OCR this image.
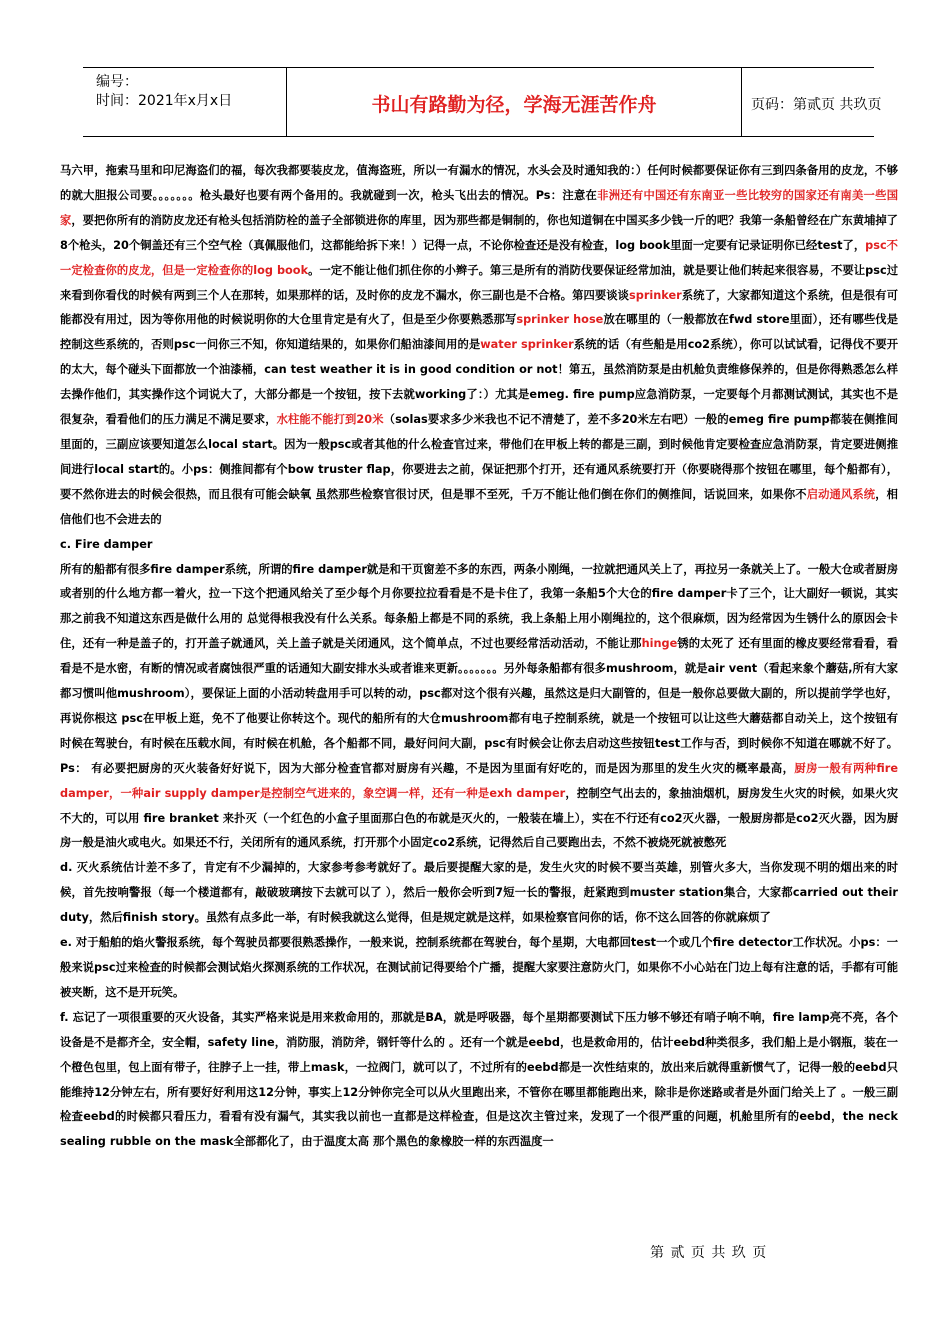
编号：
时间：2021年x月x日	书山有路勤为径，学海无涯苦作舟	页码：第贰页 共玖页

马六甲，拖索马里和印尼海盗们的福，每次我都要装皮龙，值海盗班，所以一有漏水的情况，水头会及时通知我的：）任何时候都要保证你有三到四条备用的皮龙，不够的就大胆报公司要。。。。。。。枪头最好也要有两个备用的。我就碰到一次，枪头飞出去的情况。Ps：注意在非洲还有中国还有东南亚一些比较穷的国家还有南美一些国家，要把你所有的消防皮龙还有枪头包括消防栓的盖子全部锁进你的库里，因为那些都是铜制的，你也知道铜在中国买多少钱一斤的吧？我第一条船曾经在广东黄埔掉了8个枪头，20个铜盖还有三个空气栓（真佩服他们，这都能给拆下来！）记得一点，不论你检查还是没有检查，log book里面一定要有记录证明你已经test了，psc不一定检查你的皮龙，但是一定检查你的log book。一定不能让他们抓住你的小辫子。第三是所有的消防伐要保证经常加油，就是要让他们转起来很容易，不要让psc过来看到你看伐的时候有两到三个人在那转，如果那样的话，及时你的皮龙不漏水，你三副也是不合格。第四要谈谈sprinker系统了，大家都知道这个系统，但是很有可能都没有用过，因为等你用他的时候说明你的大仓里肯定是有火了，但是至少你要熟悉那写sprinker hose放在哪里的（一般都放在fwd store里面），还有哪些伐是控制这些系统的，否则psc一问你三不知，你知道结果的，如果你们船油漆间用的是water sprinker系统的话（有些船是用co2系统），你可以试试看，记得伐不要开的太大，每个碰头下面都放一个油漆桶，can test weather it is in good condition or not！第五，虽然消防泵是由机舱负责维修保养的，但是你得熟悉怎么样去操作他们，其实操作这个词说大了，大部分都是一个按钮，按下去就working了：）尤其是emeg. fire pump应急消防泵，一定要每个月都测试测试，其实也不是很复杂，看看他们的压力满足不满足要求，水柱能不能打到20米（solas要求多少米我也不记不清楚了，差不多20米左右吧）一般的emeg fire pump都装在侧推间里面的，三副应该要知道怎么local start。因为一般psc或者其他的什么检查官过来，带他们在甲板上转的都是三副，到时候他肯定要检查应急消防泵，肯定要进侧推间进行local start的。小ps：侧推间都有个bow truster flap，你要进去之前，保证把那个打开，还有通风系统要打开（你要晓得那个按钮在哪里，每个船都有），要不然你进去的时候会很热，而且很有可能会缺氧 虽然那些检察官很讨厌，但是罪不至死，千万不能让他们倒在你们的侧推间，话说回来，如果你不启动通风系统，相信他们也不会进去的

c. Fire damper

所有的船都有很多fire damper系统，所谓的fire damper就是和干页窗差不多的东西，两条小刚绳，一拉就把通风关上了，再拉另一条就关上了。一般大仓或者厨房或者别的什么地方都一着火，拉一下这个把通风给关了至少每个月你要拉拉看看是不是卡住了，我第一条船5个大仓的fire damper卡了三个，让大副好一顿说，其实那之前我不知道这东西是做什么用的 总觉得根我没有什么关系。每条船上都是不同的系统，我上条船上用小刚绳拉的，这个很麻烦，因为经常因为生锈什么的原因会卡住，还有一种是盖子的，打开盖子就通风，关上盖子就是关闭通风，这个简单点，不过也要经常活动活动，不能让那hinge锈的太死了 还有里面的橡皮要经常看看，看看是不是水密，有断的情况或者腐蚀很严重的话通知大副安排水头或者谁来更新。。。。。。。另外每条船都有很多mushroom，就是air vent（看起来象个蘑菇,所有大家都习惯叫他mushroom），要保证上面的小活动转盘用手可以转的动，psc都对这个很有兴趣，虽然这是归大副管的，但是一般你总要做大副的，所以提前学学也好，再说你根这 psc在甲板上逛，免不了他要让你转这个。现代的船所有的大仓mushroom都有电子控制系统，就是一个按钮可以让这些大蘑菇都自动关上，这个按钮有时候在驾驶台，有时候在压载水间，有时候在机舱，各个船都不同，最好问问大副，psc有时候会让你去启动这些按钮test工作与否，到时候你不知道在哪就不好了。Ps： 有必要把厨房的灭火装备好好说下，因为大部分检查官都对厨房有兴趣，不是因为里面有好吃的，而是因为那里的发生火灾的概率最高，厨房一般有两种fire damper，一种air supply damper是控制空气进来的，象空调一样，还有一种是exh damper，控制空气出去的，象抽油烟机，厨房发生火灾的时候，如果火灾不大的，可以用 fire branket 来扑灭（一个红色的小盒子里面那白色的布就是灭火的，一般装在墙上），实在不行还有co2灭火器，一般厨房都是co2灭火器，因为厨房一般是油火或电火。如果还不行，关闭所有的通风系统，打开那个小固定co2系统，记得然后自己要跑出去，不然不被烧死就被憋死

d. 灭火系统估计差不多了，肯定有不少漏掉的，大家参考参考就好了。最后要提醒大家的是，发生火灾的时候不要当英雄，别管火多大，当你发现不明的烟出来的时候，首先按响警报（每一个楼道都有，敲破玻璃按下去就可以了 ），然后一般你会听到7短一长的警报，赶紧跑到muster station集合，大家都carried out their duty，然后finish story。虽然有点多此一举，有时候我就这么觉得，但是规定就是这样，如果检察官问你的话，你不这么回答的你就麻烦了

e. 对于船舶的焰火警报系统，每个驾驶员都要很熟悉操作，一般来说，控制系统都在驾驶台，每个星期，大电都回test一个或几个fire detector工作状况。小ps：一般来说psc过来检查的时候都会测试焰火探测系统的工作状况，在测试前记得要给个广播，提醒大家要注意防火门，如果你不小心站在门边上每有注意的话，手都有可能被夹断，这不是开玩笑。

f. 忘记了一项很重要的灭火设备，其实严格来说是用来救命用的，那就是BA，就是呼吸器，每个星期都要测试下压力够不够还有哨子响不响，fire lamp亮不亮，各个设备是不是都齐全，安全帽，safety line，消防服，消防斧，钢钎等什么的 。还有一个就是eebd，也是救命用的，估计eebd种类很多，我们船上是小钢瓶，装在一个橙色包里，包上面有带子，往脖子上一挂，带上mask，一拉阀门，就可以了，不过所有的eebd都是一次性结束的，放出来后就得重新惯气了，记得一般的eebd只能维持12分钟左右，所有要好好利用这12分钟，事实上12分钟你完全可以从火里跑出来，不管你在哪里都能跑出来，除非是你迷路或者是外面门给关上了 。一般三副检查eebd的时候都只看压力，看看有没有漏气，其实我以前也一直都是这样检查，但是这次主管过来，发现了一个很严重的问题，机舱里所有的eebd，the neck sealing rubble on the mask全部都化了，由于温度太高 那个黑色的象橡胶一样的东西温度一

第 贰 页 共 玖 页
